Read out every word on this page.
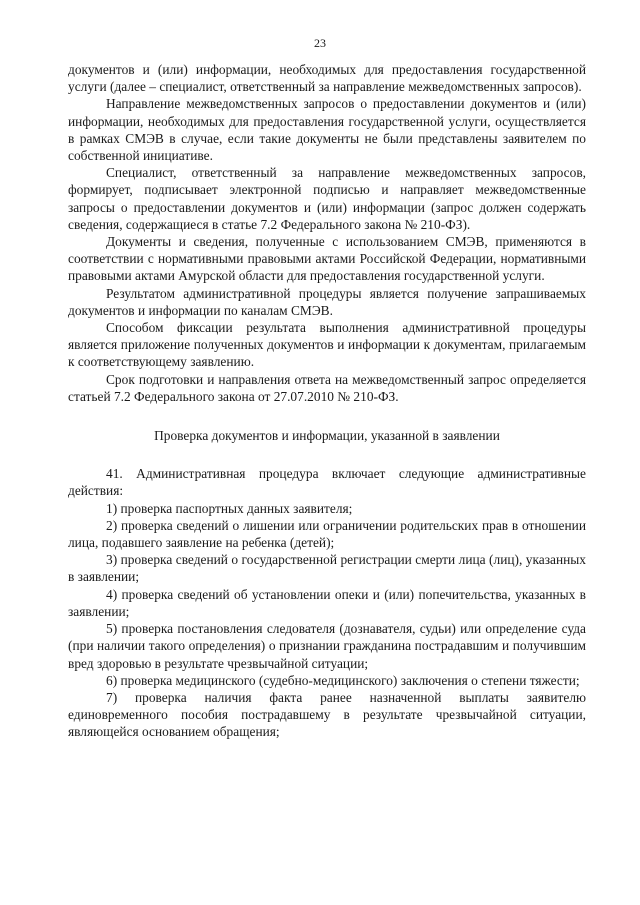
23

документов и (или) информации, необходимых для предоставления государственной услуги (далее – специалист, ответственный за направление межведомственных запросов).

Направление межведомственных запросов о предоставлении документов и (или) информации, необходимых для предоставления государственной услуги, осуществляется в рамках СМЭВ в случае, если такие документы не были представлены заявителем по собственной инициативе.

Специалист, ответственный за направление межведомственных запросов, формирует, подписывает электронной подписью и направляет межведомственные запросы о предоставлении документов и (или) информации (запрос должен содержать сведения, содержащиеся в статье 7.2 Федерального закона № 210-ФЗ).

Документы и сведения, полученные с использованием СМЭВ, применяются в соответствии с нормативными правовыми актами Российской Федерации, нормативными правовыми актами Амурской области для предоставления государственной услуги.

Результатом административной процедуры является получение запрашиваемых документов и информации по каналам СМЭВ.

Способом фиксации результата выполнения административной процедуры является приложение полученных документов и информации к документам, прилагаемым к соответствующему заявлению.

Срок подготовки и направления ответа на межведомственный запрос определяется статьей 7.2 Федерального закона от 27.07.2010 № 210-ФЗ.

Проверка документов и информации, указанной в заявлении

41. Административная процедура включает следующие административные действия:

1) проверка паспортных данных заявителя;

2) проверка сведений о лишении или ограничении родительских прав в отношении лица, подавшего заявление на ребенка (детей);

3) проверка сведений о государственной регистрации смерти лица (лиц), указанных в заявлении;

4) проверка сведений об установлении опеки и (или) попечительства, указанных в заявлении;

5) проверка постановления следователя (дознавателя, судьи) или определение суда (при наличии такого определения) о признании гражданина пострадавшим и получившим вред здоровью в результате чрезвычайной ситуации;

6) проверка медицинского (судебно-медицинского) заключения о степени тяжести;

7) проверка наличия факта ранее назначенной выплаты заявителю единовременного пособия пострадавшему в результате чрезвычайной ситуации, являющейся основанием обращения;
